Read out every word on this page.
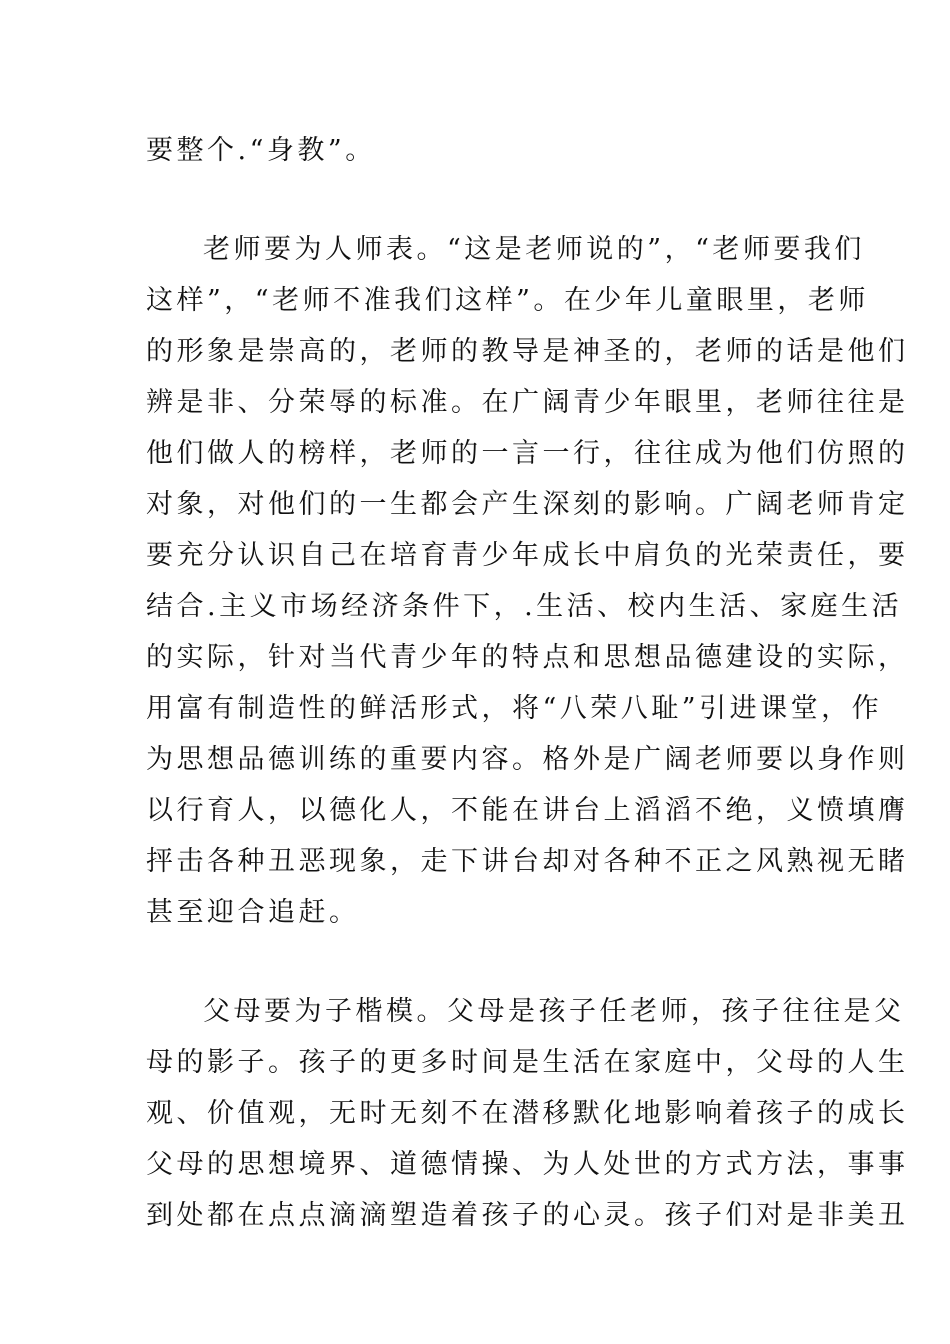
要整个.“身教”。
老师要为人师表。“这是老师说的”，“老师要我们
这样”，“老师不准我们这样”。在少年儿童眼里，老师
的形象是崇高的，老师的教导是神圣的，老师的话是他们
辨是非、分荣辱的标准。在广阔青少年眼里，老师往往是
他们做人的榜样，老师的一言一行，往往成为他们仿照的
对象，对他们的一生都会产生深刻的影响。广阔老师肯定
要充分认识自己在培育青少年成长中肩负的光荣责任，要
结合.主义市场经济条件下，.生活、校内生活、家庭生活
的实际，针对当代青少年的特点和思想品德建设的实际，
用富有制造性的鲜活形式，将“八荣八耻”引进课堂，作
为思想品德训练的重要内容。格外是广阔老师要以身作则
以行育人，以德化人，不能在讲台上滔滔不绝，义愤填膺
抨击各种丑恶现象，走下讲台却对各种不正之风熟视无睹
甚至迎合追赶。
父母要为子楷模。父母是孩子任老师，孩子往往是父
母的影子。孩子的更多时间是生活在家庭中，父母的人生
观、价值观，无时无刻不在潜移默化地影响着孩子的成长
父母的思想境界、道德情操、为人处世的方式方法，事事
到处都在点点滴滴塑造着孩子的心灵。孩子们对是非美丑
